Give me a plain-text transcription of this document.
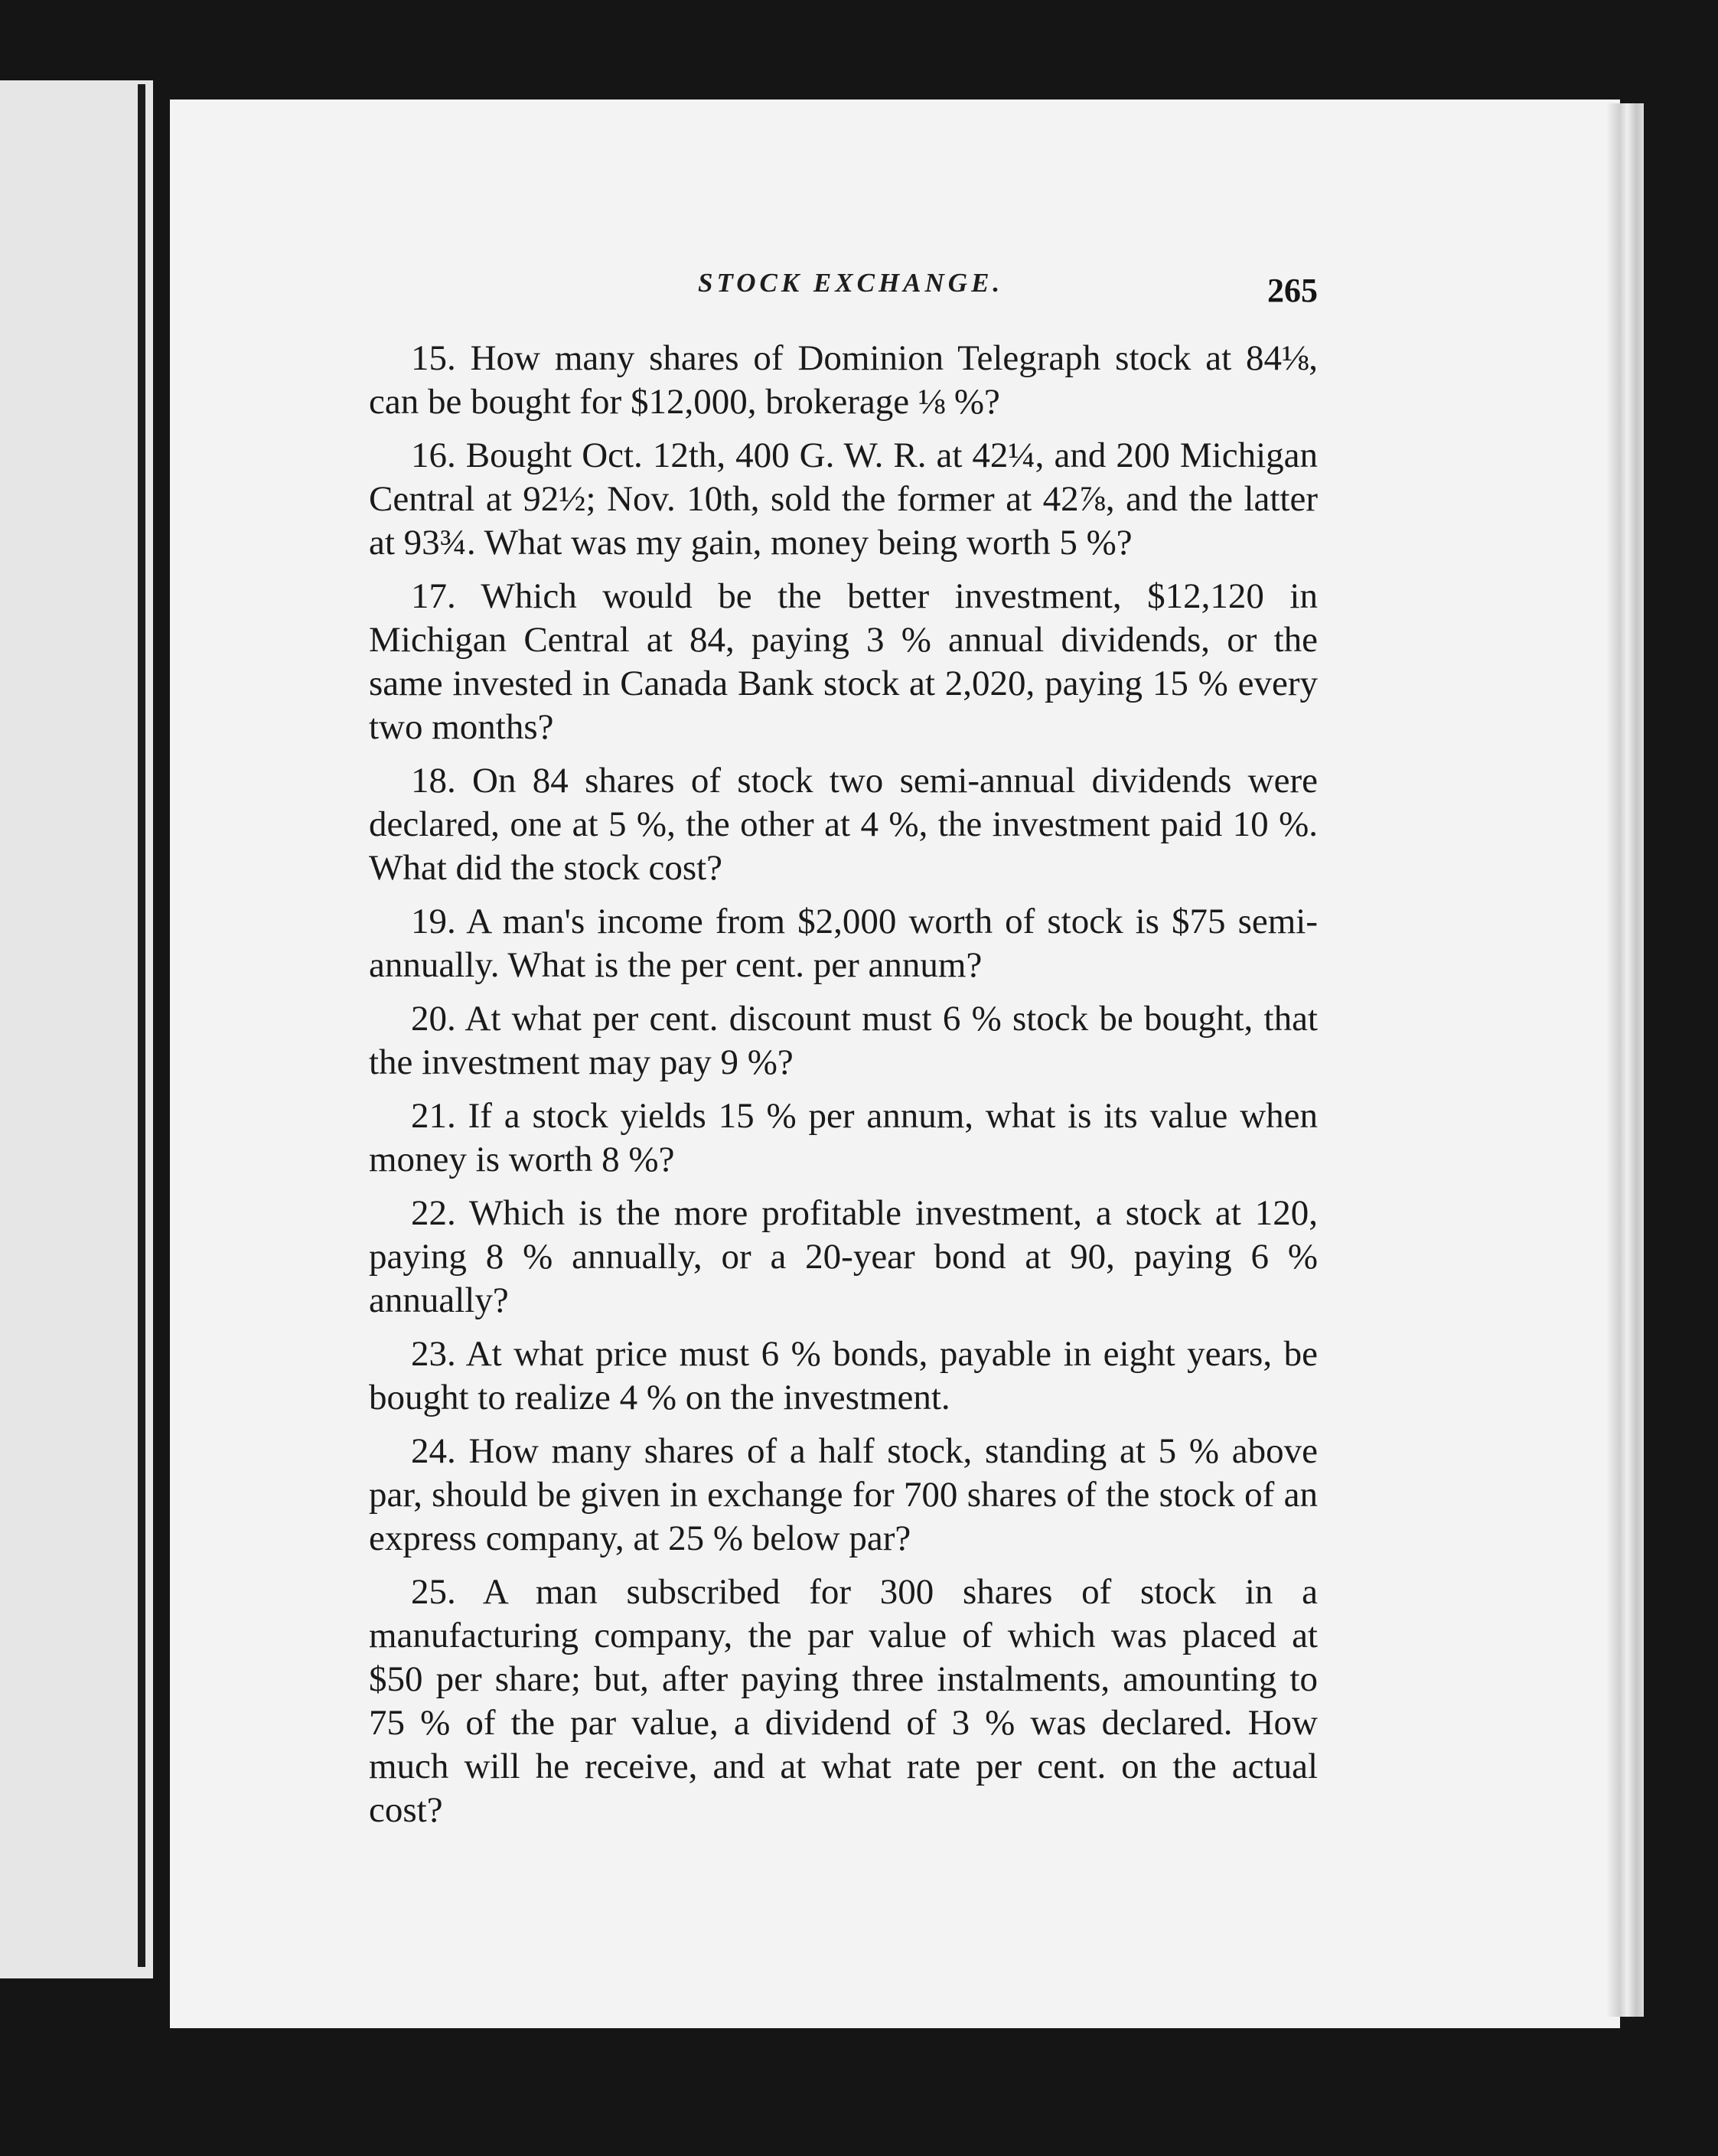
STOCK EXCHANGE.	265

15. How many shares of Dominion Telegraph stock at 84⅛, can be bought for $12,000, brokerage ⅛ %?

16. Bought Oct. 12th, 400 G. W. R. at 42¼, and 200 Michigan Central at 92½; Nov. 10th, sold the former at 42⅞, and the latter at 93¾. What was my gain, money being worth 5 %?

17. Which would be the better investment, $12,120 in Michigan Central at 84, paying 3 % annual dividends, or the same invested in Canada Bank stock at 2,020, paying 15 % every two months?

18. On 84 shares of stock two semi-annual dividends were declared, one at 5 %, the other at 4 %, the investment paid 10 %. What did the stock cost?

19. A man's income from $2,000 worth of stock is $75 semi-annually. What is the per cent. per annum?

20. At what per cent. discount must 6 % stock be bought, that the investment may pay 9 %?

21. If a stock yields 15 % per annum, what is its value when money is worth 8 %?

22. Which is the more profitable investment, a stock at 120, paying 8 % annually, or a 20-year bond at 90, paying 6 % annually?

23. At what price must 6 % bonds, payable in eight years, be bought to realize 4 % on the investment.

24. How many shares of a half stock, standing at 5 % above par, should be given in exchange for 700 shares of the stock of an express company, at 25 % below par?

25. A man subscribed for 300 shares of stock in a manufacturing company, the par value of which was placed at $50 per share; but, after paying three instalments, amounting to 75 % of the par value, a dividend of 3 % was declared. How much will he receive, and at what rate per cent. on the actual cost?
